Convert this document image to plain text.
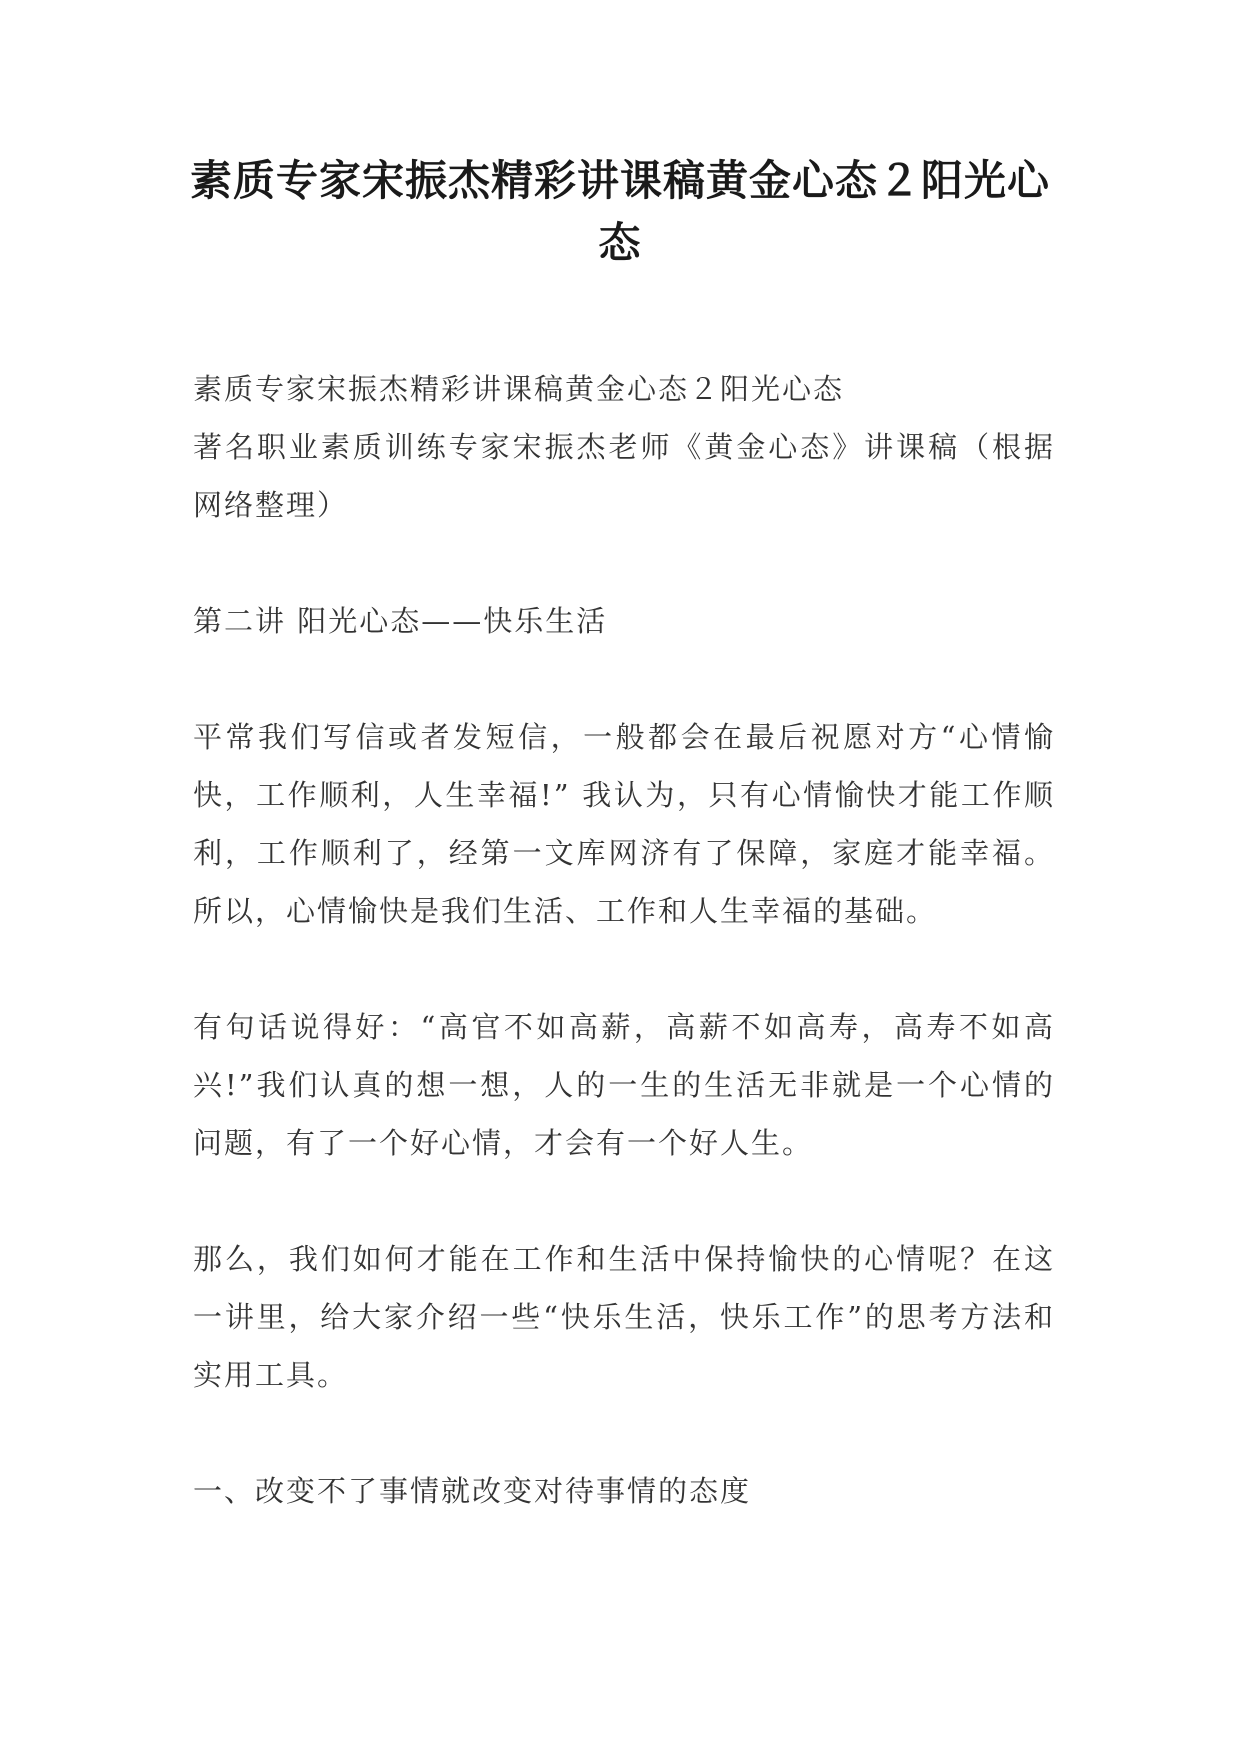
素质专家宋振杰精彩讲课稿黄金心态２阳光心态

素质专家宋振杰精彩讲课稿黄金心态２阳光心态

著名职业素质训练专家宋振杰老师《黄金心态》讲课稿（根据网络整理）

第二讲 阳光心态——快乐生活

平常我们写信或者发短信，一般都会在最后祝愿对方“心情愉快，工作顺利，人生幸福!” 我认为，只有心情愉快才能工作顺利，工作顺利了，经第一文库网济有了保障，家庭才能幸福。所以，心情愉快是我们生活、工作和人生幸福的基础。

有句话说得好：“高官不如高薪，高薪不如高寿，高寿不如高兴!”我们认真的想一想，人的一生的生活无非就是一个心情的问题，有了一个好心情，才会有一个好人生。

那么，我们如何才能在工作和生活中保持愉快的心情呢？在这一讲里，给大家介绍一些“快乐生活，快乐工作”的思考方法和实用工具。

一、改变不了事情就改变对待事情的态度
